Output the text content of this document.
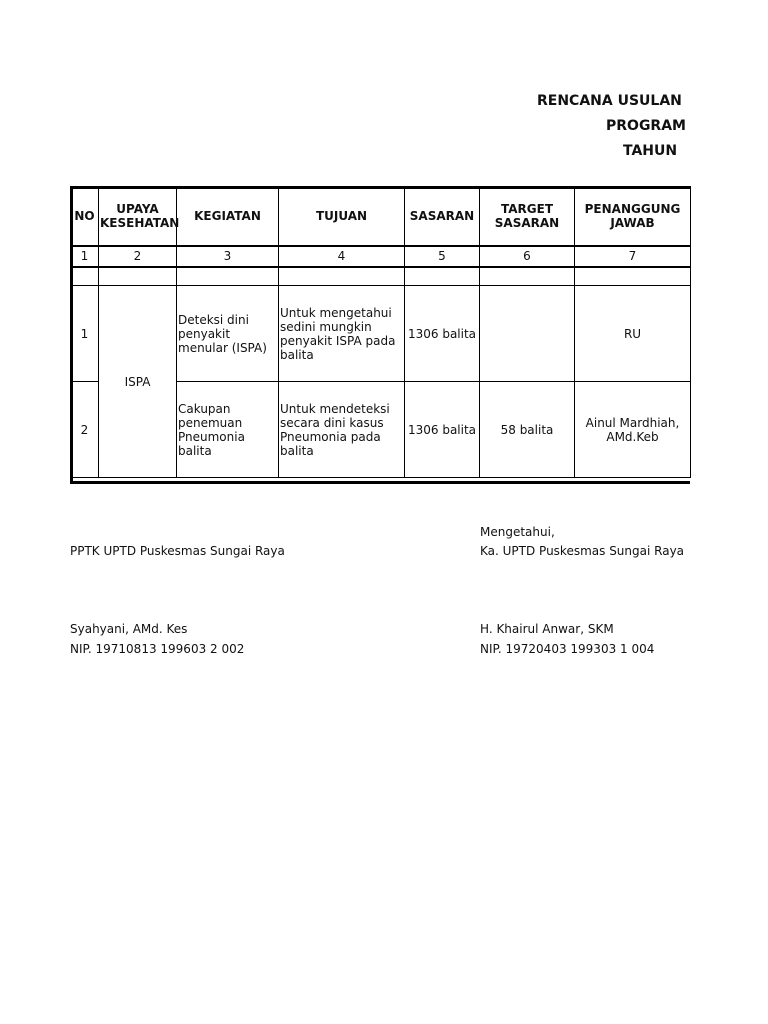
RENCANA USULAN
PROGRAM
TAHUN
NO	UPAYA KESEHATAN	KEGIATAN	TUJUAN	SASARAN	TARGET SASARAN	PENANGGUNG JAWAB
1	2	3	4	5	6	7

1	ISPA	Deteksi dini penyakit menular (ISPA)	Untuk mengetahui sedini mungkin penyakit ISPA pada balita	1306 balita		RU
2		Cakupan penemuan Pneumonia balita	Untuk mendeteksi secara dini kasus Pneumonia pada balita	1306 balita	58 balita	Ainul Mardhiah, AMd.Keb
PPTK UPTD Puskesmas Sungai Raya
Syahyani, AMd. Kes
NIP. 19710813 199603 2 002
Mengetahui,
Ka. UPTD Puskesmas Sungai Raya
H. Khairul Anwar, SKM
NIP. 19720403 199303 1 004
